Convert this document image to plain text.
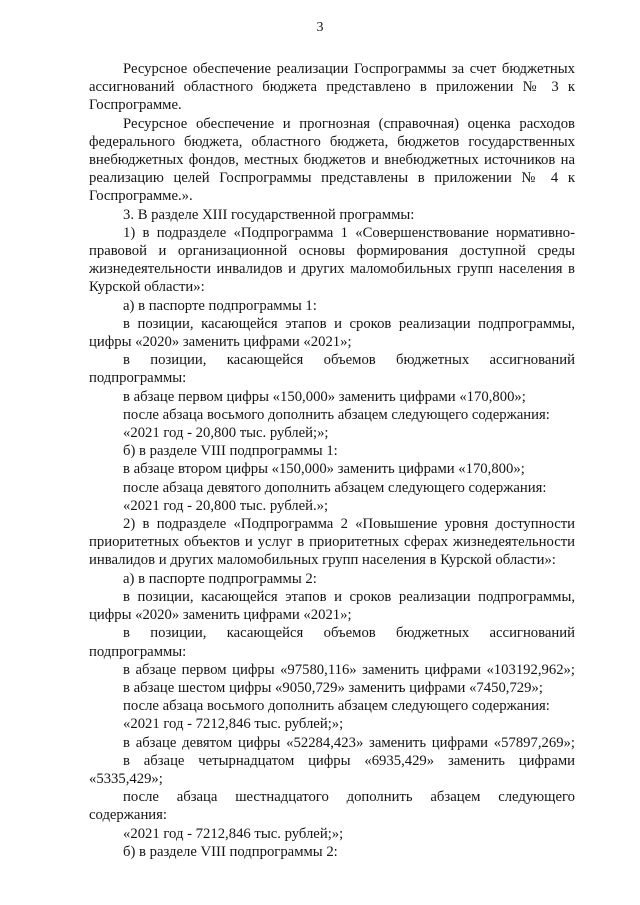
3

Ресурсное обеспечение реализации Госпрограммы за счет бюджетных ассигнований областного бюджета представлено в приложении № 3 к Госпрограмме.

Ресурсное обеспечение и прогнозная (справочная) оценка расходов федерального бюджета, областного бюджета, бюджетов государственных внебюджетных фондов, местных бюджетов и внебюджетных источников на реализацию целей Госпрограммы представлены в приложении № 4 к Госпрограмме.».

3. В разделе XIII государственной программы:

1) в подразделе «Подпрограмма 1 «Совершенствование нормативно-правовой и организационной основы формирования доступной среды жизнедеятельности инвалидов и других маломобильных групп населения в Курской области»:

а) в паспорте подпрограммы 1:

в позиции, касающейся этапов и сроков реализации подпрограммы, цифры «2020» заменить цифрами «2021»;

в позиции, касающейся объемов бюджетных ассигнований подпрограммы:

в абзаце первом цифры «150,000» заменить цифрами «170,800»;

после абзаца восьмого дополнить абзацем следующего содержания:

«2021 год - 20,800 тыс. рублей;»;

б) в разделе VIII подпрограммы 1:

в абзаце втором цифры «150,000» заменить цифрами «170,800»;

после абзаца девятого дополнить абзацем следующего содержания:

«2021 год - 20,800 тыс. рублей.»;

2) в подразделе «Подпрограмма 2 «Повышение уровня доступности приоритетных объектов и услуг в приоритетных сферах жизнедеятельности инвалидов и других маломобильных групп населения в Курской области»:

а) в паспорте подпрограммы 2:

в позиции, касающейся этапов и сроков реализации подпрограммы, цифры «2020» заменить цифрами «2021»;

в позиции, касающейся объемов бюджетных ассигнований подпрограммы:

в абзаце первом цифры «97580,116» заменить цифрами «103192,962»;

в абзаце шестом цифры «9050,729» заменить цифрами «7450,729»;

после абзаца восьмого дополнить абзацем следующего содержания:

«2021 год - 7212,846 тыс. рублей;»;

в абзаце девятом цифры «52284,423» заменить цифрами «57897,269»;

в абзаце четырнадцатом цифры «6935,429» заменить цифрами «5335,429»;

после абзаца шестнадцатого дополнить абзацем следующего содержания:

«2021 год - 7212,846 тыс. рублей;»;

б) в разделе VIII подпрограммы 2:
